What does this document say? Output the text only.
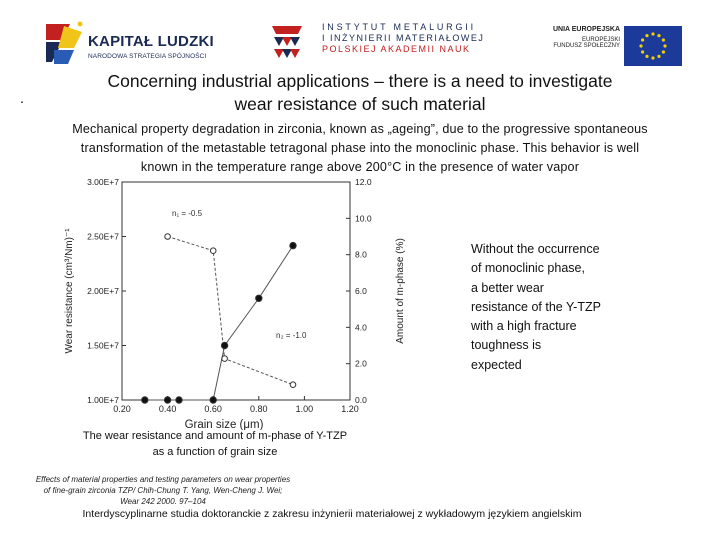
KAPITAŁ LUDZKI
NARODOWA STRATEGIA SPÓJNOŚCI
INSTYTUT METALURGII
I INŻYNIERII MATERIAŁOWEJ
POLSKIEJ AKADEMII NAUK
UNIA EUROPEJSKA
EUROPEJSKI
FUNDUSZ SPOŁECZNY
Concerning industrial applications – there is a need to investigate
wear resistance of such material
.
Mechanical property degradation in zirconia, known as „ageing”, due to the progressive spontaneous
transformation of the metastable tetragonal phase into the monoclinic phase. This behavior is well
known in the temperature range above 200°C in the presence of water vapor
0.20	0.40	0.60	0.80	1.00	1.20
1.00E+7
1.50E+7
2.00E+7
2.50E+7
3.00E+7
0.0
2.0
4.0
6.0
8.0
10.0
12.0
n₁ = -0.5
n₂ = -1.0
Grain size (μm)
Wear resistance (cm³/Nm)⁻¹	Amount of m-phase (%)	Without the occurrence
of monoclinic phase,
a better wear
resistance of the Y-TZP
with a high fracture
toughness is
expected
The wear resistance and amount of m-phase of Y-TZP
as a function of grain size
Effects of material properties and testing parameters on wear properties
of fine-grain zirconia TZP/ Chih-Chung T. Yang, Wen-Cheng J. Wei;
Wear 242 2000. 97–104
Interdyscyplinarne studia doktoranckie z zakresu inżynierii materiałowej z wykładowym językiem angielskim
